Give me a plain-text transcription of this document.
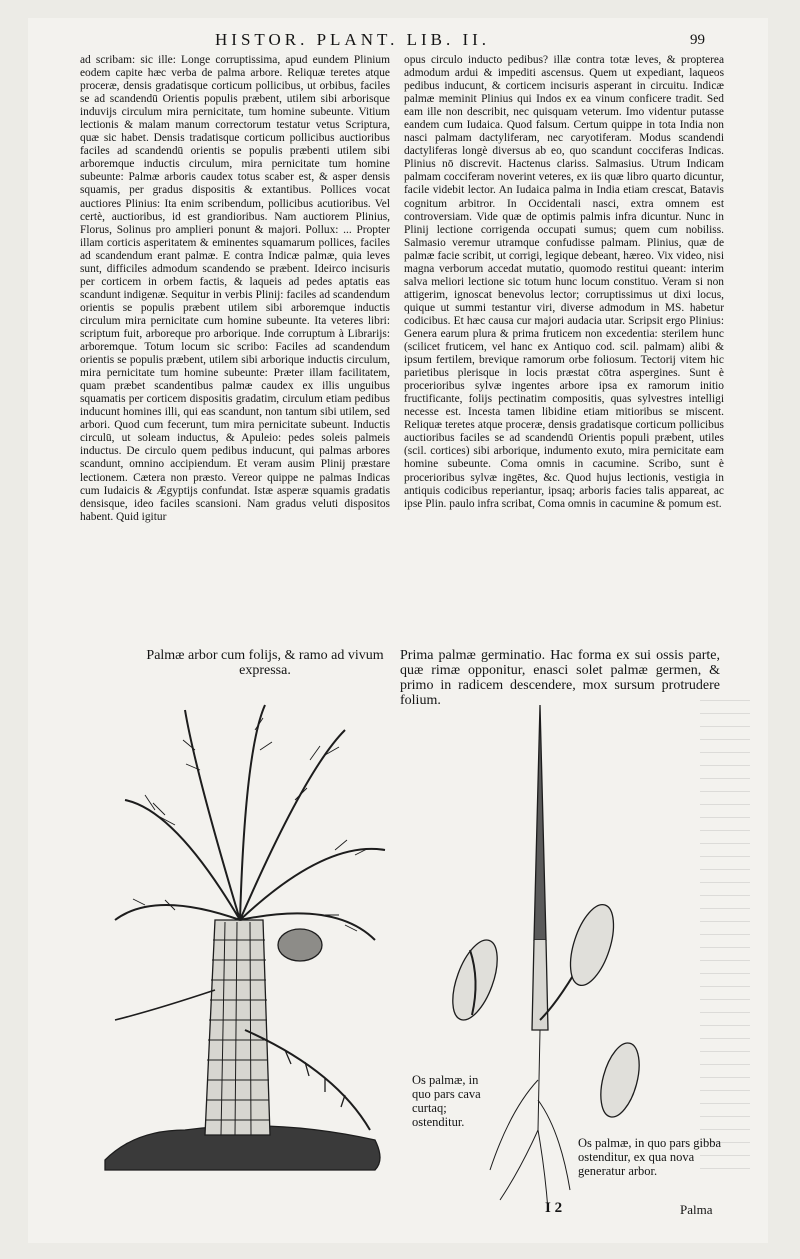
HISTOR. PLANT. LIB. II.	99

ad scribam: sic ille: Longe corruptissima, apud eundem Plinium eodem capite hæc verba de palma arbore. Reliquæ teretes atque proceræ, densis gradatisque corticum pollicibus, ut orbibus, faciles se ad scandendū Orientis populis præbent, utilem sibi arborisque induvijs circulum mira pernicitate, tum homine subeunte. Vitium lectionis & malam manum correctorum testatur vetus Scriptura, quæ sic habet. Densis tradatisque corticum pollicibus auctioribus faciles ad scandendū orientis se populis præbenti utilem sibi arboremque inductis circulum, mira pernicitate tum homine subeunte: Palmæ arboris caudex totus scaber est, & asper densis squamis, per gradus dispositis & extantibus. Pollices vocat auctiores Plinius: Ita enim scribendum, pollicibus acutioribus. Vel certè, auctioribus, id est grandioribus. Nam auctiorem Plinius, Florus, Solinus pro amplieri ponunt & majori. Pollux: ... Propter illam corticis asperitatem & eminentes squamarum pollices, faciles ad scandendum erant palmæ. E contra Indicæ palmæ, quia leves sunt, difficiles admodum scandendo se præbent. Ideirco incisuris per corticem in orbem factis, & laqueis ad pedes aptatis eas scandunt indigenæ. Sequitur in verbis Plinij: faciles ad scandendum orientis se populis præbent utilem sibi arboremque inductis circulum mira pernicitate cum homine subeunte. Ita veteres libri: scriptum fuit, arboreque pro arborique. Inde corruptum à Librarijs: arboremque. Totum locum sic scribo: Faciles ad scandendum orientis se populis præbent, utilem sibi arborique inductis circulum, mira pernicitate tum homine subeunte: Præter illam facilitatem, quam præbet scandentibus palmæ caudex ex illis unguibus squamatis per corticem dispositis gradatim, circulum etiam pedibus inducunt homines illi, qui eas scandunt, non tantum sibi utilem, sed arbori. Quod cum fecerunt, tum mira pernicitate subeunt. Inductis circulū, ut soleam inductus, & Apuleio: pedes soleis palmeis inductus. De circulo quem pedibus inducunt, qui palmas arbores scandunt, omnino accipiendum. Et veram ausim Plinij præstare lectionem. Cætera non præsto. Vereor quippe ne palmas Indicas cum Iudaicis & Ægyptijs confundat. Istæ asperæ squamis gradatis densisque, ideo faciles scansioni. Nam gradus veluti dispositos habent. Quid igitur

opus circulo inducto pedibus? illæ contra totæ leves, & propterea admodum ardui & impediti ascensus. Quem ut expediant, laqueos pedibus inducunt, & corticem incisuris asperant in circuitu. Indicæ palmæ meminit Plinius qui Indos ex ea vinum conficere tradit. Sed eam ille non describit, nec quisquam veterum. Imo videntur putasse eandem cum Iudaica. Quod falsum. Certum quippe in tota India non nasci palmam dactyliferam, nec caryotiferam. Modus scandendi dactyliferas longè diversus ab eo, quo scandunt cocciferas Indicas. Plinius nō discrevit. Hactenus clariss. Salmasius. Utrum Indicam palmam cocciferam noverint veteres, ex iis quæ libro quarto dicuntur, facile videbit lector. An Iudaica palma in India etiam crescat, Batavis cognitum arbitror. In Occidentali nasci, extra omnem est controversiam. Vide quæ de optimis palmis infra dicuntur. Nunc in Plinij lectione corrigenda occupati sumus; quem cum nobiliss. Salmasio veremur utramque confudisse palmam. Plinius, quæ de palmæ facie scribit, ut corrigi, legique debeant, hæreo. Vix video, nisi magna verborum accedat mutatio, quomodo restitui queant: interim salva meliori lectione sic totum hunc locum constituo. Veram si non attigerim, ignoscat benevolus lector; corruptissimus ut dixi locus, quique ut summi testantur viri, diverse admodum in MS. habetur codicibus. Et hæc causa cur majori audacia utar. Scripsit ergo Plinius: Genera earum plura & prima fruticem non excedentia: sterilem hunc (scilicet fruticem, vel hanc ex Antiquo cod. scil. palmam) alibi & ipsum fertilem, brevique ramorum orbe foliosum. Tectorij vitem hic parietibus plerisque in locis præstat cōtra aspergines. Sunt è procerioribus sylvæ ingentes arbore ipsa ex ramorum initio fructificante, folijs pectinatim compositis, quas sylvestres intelligi necesse est. Incesta tamen libidine etiam mitioribus se miscent. Reliquæ teretes atque proceræ, densis gradatisque corticum pollicibus auctioribus faciles se ad scandendū Orientis populi præbent, utiles (scil. cortices) sibi arborique, indumento exuto, mira pernicitate eam homine subeunte. Coma omnis in cacumine. Scribo, sunt è procerioribus sylvæ ingētes, &c. Quod hujus lectionis, vestigia in antiquis codicibus reperiantur, ipsaq; arboris facies talis appareat, ac ipse Plin. paulo infra scribat, Coma omnis in cacumine & pomum est.

Palmæ arbor cum folijs, & ramo ad vivum expressa.
Prima palmæ germinatio. Hac forma ex sui ossis parte, quæ rimæ opponitur, enasci solet palmæ germen, & primo in radicem descendere, mox sursum protrudere folium.
Os palmæ, in quo pars cava curtaq; ostenditur.
Os palmæ, in quo pars gibba ostenditur, ex qua nova generatur arbor.
I 2	Palma
